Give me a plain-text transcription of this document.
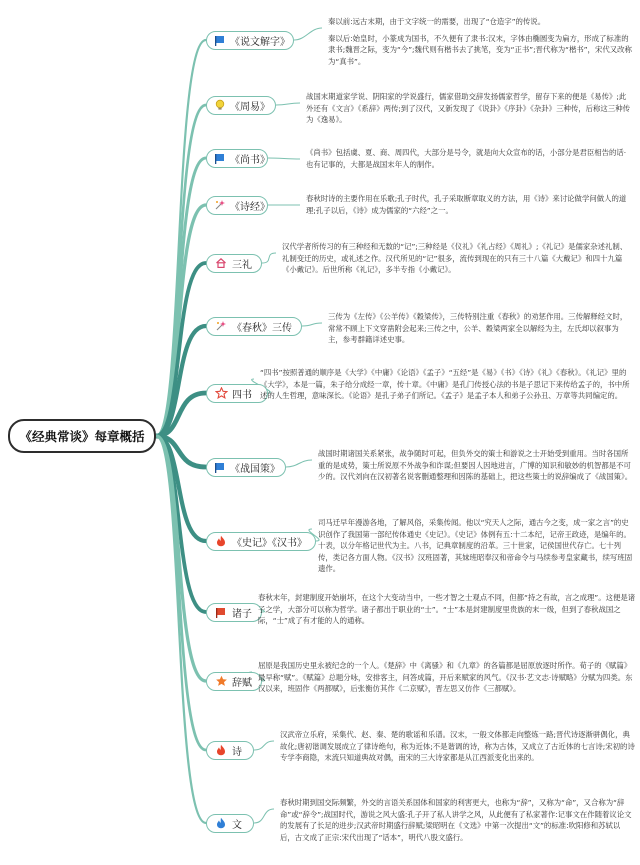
《经典常谈》每章概括
《说文解字》

秦以前:远古末期，由于文字统一的需要，出现了“仓造字”的传说。

秦以后:始皇时，小篆成为国书，不久便有了隶书:汉末，字体由椭圆变为扁方，形成了标准的隶书;魏晋之际，变为“今”;魏代则有楷书去了挑笔，变为“正书”;晋代称为“楷书”，宋代又改称为“真书”。

《周易》

战国末期道家学说、阴阳家的学说盛行，儒家借助交辞发扬儒家哲学，留存下来的便是《易传》;此外还有《文言》《系辞》两传;到了汉代，又新发现了《说卦》《序卦》《杂卦》三种传，后称这三种传为《逸易》。

《尚书》

《尚书》包括虞、夏、商、周四代，大部分是号令，就是向大众宣布的话，小部分是君臣相告的话·也有记事的，大都是战国末年人的制作。

《诗经》

春秋时诗的主要作用在乐歌;孔子时代，孔子采取断章取义的方法，用《诗》来讨论做学问做人的道理;孔子以后，《诗》成为儒家的“六经”之一。

三礼

汉代学者所传习的有三种经和无数的“记”;三种经是《仪礼》《礼占经》《周礼》;《礼记》是儒家杂述礼制、礼制变迁的历史，或礼述之作。汉代所见的“记”很多，流传到现在的只有三十八篇《大戴记》和四十九篇《小戴记》。后世所称《礼记》，多半专指《小戴记》。

《春秋》三传

三传为《左传》《公羊传》《穀梁传》，三传特别注重《春秋》的劝惩作用。三传解释经文时，常常不顾上下文穿凿附会起来;三传之中，公羊、穀梁两家全以解经为主，左氏却以叙事为主，参考群籍详述史事。

四书

“四书”按照普通的顺序是《大学》《中庸》《论语》《孟子》“五经”是《易》《书》《诗》《礼》《春秋》。《礼记》里的《大学》，本是一篇，朱子给分成经一章，传十章。《中庸》是孔门传授心法的书是子思记下来传给孟子的，书中所述的人生哲理，意味深长。《论语》是孔子弟子们所记。《孟子》是孟子本人和弟子公孙丑、万章等共同编定的。

《战国策》

战国时期诸国关系紧张，战争随时可起，但负外交的策士和游说之士开始受到重用。当时各国所重的是成势，策士所说原不外战争和诈谋;但要因人因地进言，广博的知识和敏妙的机智都是不可少的。汉代刘向在汉初著名说客删通整理和因陈的基础上，把这些策士的说辞编成了《战国策》。

《史记》《汉书》

司马迁早年漫游各地，了解风俗，采集传闻。他以“究天人之际，通古今之变，成一家之言”的史识创作了我国第一部纪传体通史《史记》。《史记》体例有五:十二本纪，记帝王政迹，是编年的。十表，以分年格记世代为主。八书，记典章制度的沿革。三十世家，记侯国世代存亡。七十列传，类记各方面人物。《汉书》汉班固著，其妹班昭奉汉和帝命令与马续参考皇家藏书，续写班固遗作。

诸子

春秋末年，封建制度开始崩坏，在这个大变动当中，一些才智之士观点不同，但都“持之有故，言之成理”。这便是诸子之学，大部分可以称为哲学。诸子都出于职业的“士”。“士”本是封建制度里贵族的末一级，但到了春秋战国之际，“士”成了有才能的人的通称。

辞赋

屈原是我国历史里永被纪念的一个人。《楚辞》中《离骚》和《九章》的各篇都是屈原放逐时所作。荀子的《赋篇》最早称“赋”。《赋篇》总题分咏，安排客主，问答成篇，开后来赋家的风气。《汉书·艺文志·诗赋略》分赋为四类。东汉以来，班固作《两都赋》，后张衡仿其作《二京赋》，晋左思又仿作《三都赋》。

诗

汉武帝立乐府，采集代、赵、秦、楚的歌谣和乐谱。汉末，一般文体都走向整炼一路;晋代诗逐渐骈偶化，典故化;唐初谐调发展成立了律诗绝句，称为近体;不是谐调的诗，称为古体，又成立了古近体的七言诗;宋初的诗专学李商隐，末流只知道典故对偶，南宋的三大诗家都是从江西派变化出来的。

文

春秋时期到国交际频繁，外交的言语关系国体和国家的利害更大，也称为“辞”，又称为“命”，又合称为“辞命”或“辞令”;战国时代，游说之风大盛:孔子开了私人讲学之风，从此便有了私家著作:记事文在作随着议论文的发展有了长足的进步;汉武帝时期盛行辞赋;梁昭明在《文选》中第一次提出“文”的标准:吹阳修和苏轼以后，古文成了正宗:宋代出现了“话本”，明代八股文盛行。
